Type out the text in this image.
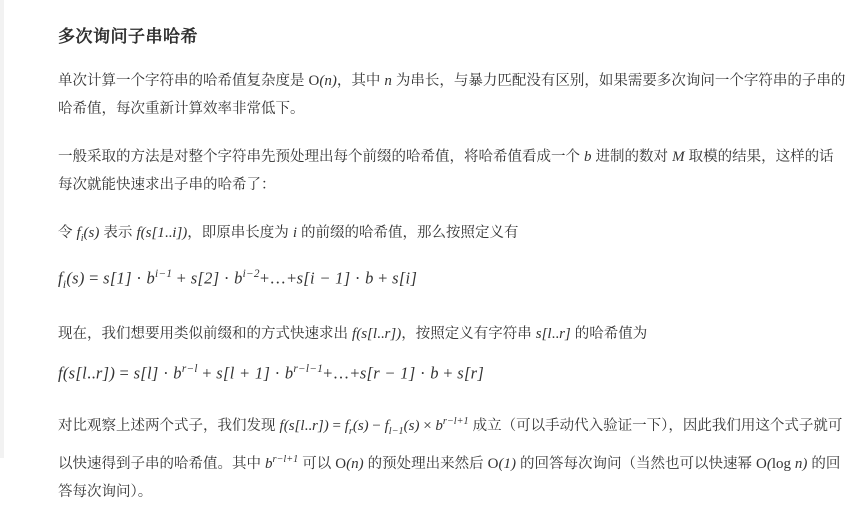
多次询问子串哈希

单次计算一个字符串的哈希值复杂度是 O(n)，其中 n 为串长，与暴力匹配没有区别，如果需要多次询问一个字符串的子串的哈希值，每次重新计算效率非常低下。

一般采取的方法是对整个字符串先预处理出每个前缀的哈希值，将哈希值看成一个 b 进制的数对 M 取模的结果，这样的话每次就能快速求出子串的哈希了：

令 $f_i(s)$ 表示 f(s[1..i])，即原串长度为 i 的前缀的哈希值，那么按照定义有

$f_i(s) = s[1] \cdot b^{i-1} + s[2]$ · $b^{i-2}+\dots+s[i - 1] \cdot b + s[i]$

现在，我们想要用类似前缀和的方式快速求出 f(s[l..r])，按照定义有字符串 s[l..r] 的哈希值为

$f(s[l..r]) = s[l] \cdot b^{r-l} + s[l + 1]$ · $b^{r-l-1}+\dots+s[r - 1] \cdot b + s[r]$

对比观察上述两个式子，我们发现 $f(s[l..r]) = f_r(s) - f_{l-1}(s) \times b^{r-l+1}$ 成立（可以手动代入验证一下），因此我们用这个式子就可以快速得到子串的哈希值。其中 $b^{r-l+1}$ 可以 O(n) 的预处理出来然后 O(1) 的回答每次询问（当然也可以快速幂 O(log n) 的回答每次询问）。
